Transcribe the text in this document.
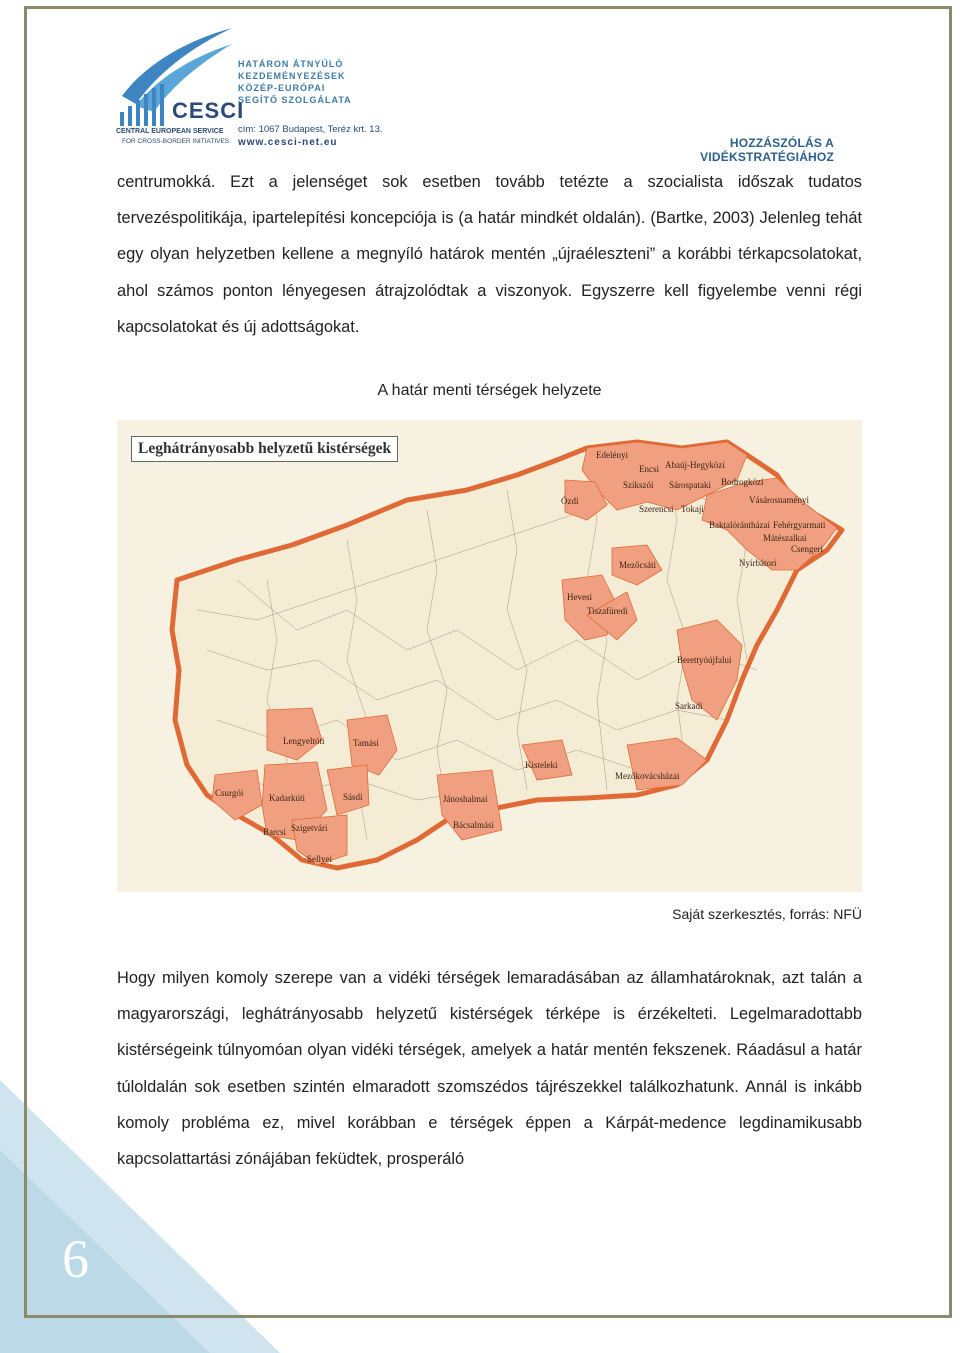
6
HATÁRON ÁTNYÚLÓ
KEZDEMÉNYEZÉSEK
KÖZÉP-EURÓPAI
SEGÍTŐ SZOLGÁLATA
CESCI
CENTRAL EUROPEAN SERVICE
FOR CROSS-BORDER INITIATIVES
cím: 1067 Budapest, Teréz krt. 13.
www.cesci-net.eu	HOZZÁSZÓLÁS A VIDÉKSTRATÉGIÁHOZ
centrumokká. Ezt a jelenséget sok esetben tovább tetézte a szocialista időszak tudatos tervezéspolitikája, ipartelepítési koncepciója is (a határ mindkét oldalán). (Bartke, 2003) Jelenleg tehát egy olyan helyzetben kellene a megnyíló határok mentén „újraéleszteni” a korábbi térkapcsolatokat, ahol számos ponton lényegesen átrajzolódtak a viszonyok. Egyszerre kell figyelembe venni régi kapcsolatokat és új adottságokat.
A határ menti térségek helyzete
Edelényi
Encsi Abaúj-Hegyközi
Szikszói Sárospataki Bodrogközi
Ózdi
Szerencsi Tokaji
Vásárosnaményi
Baktalórántházai Fehérgyarmati
Mátészalkai
Csengeri
Nyírbátori
Mezőcsáti
Hevesi
Tiszafüredi
Berettyóújfalui
Sarkadi
Lengyeltóti	Tamási
Kisteleki
Mezőkovácsházai
Csurgói	Kadarkúti	Sásdi	Jánoshalmai
Barcsi Szigetvári	Bácsalmási
Sellyei
Leghátrányosabb helyzetű kistérségek
Saját szerkesztés, forrás: NFÜ
Hogy milyen komoly szerepe van a vidéki térségek lemaradásában az államhatároknak, azt talán a magyarországi, leghátrányosabb helyzetű kistérségek térképe is érzékelteti. Legelmaradottabb kistérségeink túlnyomóan olyan vidéki térségek, amelyek a határ mentén fekszenek. Ráadásul a határ túloldalán sok esetben szintén elmaradott szomszédos tájrészekkel találkozhatunk. Annál is inkább komoly probléma ez, mivel korábban e térségek éppen a Kárpát-medence legdinamikusabb kapcsolattartási zónájában feküdtek, prosperáló
